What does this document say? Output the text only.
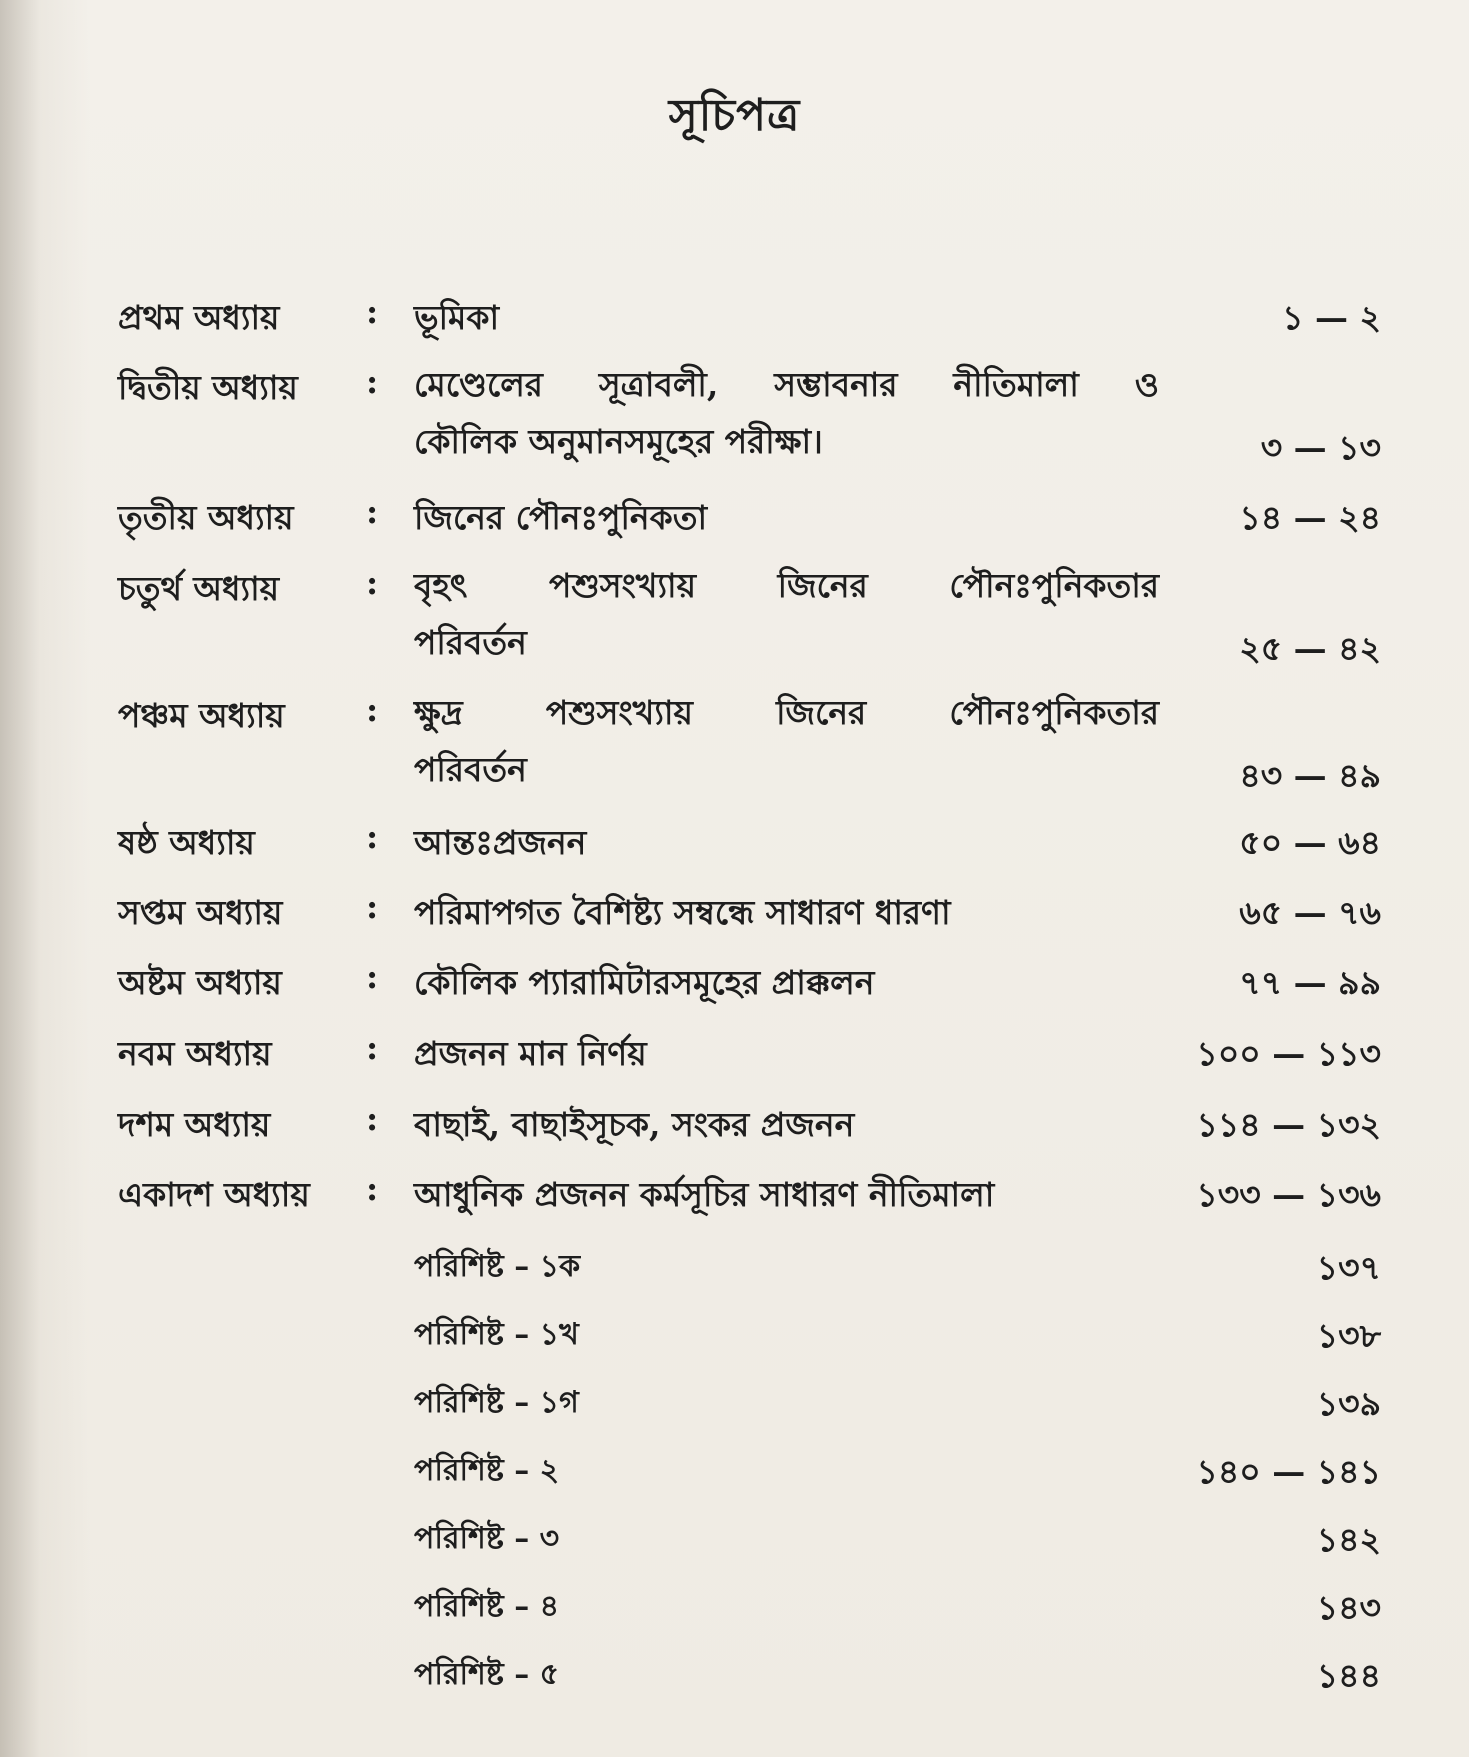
সূচিপত্র
প্রথম অধ্যায়	: ভূমিকা	১ — ২
দ্বিতীয় অধ্যায় : মেণ্ডেলের সূত্রাবলী, সম্ভাবনার নীতিমালা ও
কৌলিক অনুমানসমূহের পরীক্ষা।	৩ — ১৩
তৃতীয় অধ্যায় : জিনের পৌনঃপুনিকতা	১৪ — ২৪
চতুর্থ অধ্যায়	: বৃহৎ পশুসংখ্যায় জিনের পৌনঃপুনিকতার
পরিবর্তন	২৫ — ৪২
পঞ্চম অধ্যায় : ক্ষুদ্র পশুসংখ্যায় জিনের পৌনঃপুনিকতার
পরিবর্তন	৪৩ — ৪৯
ষষ্ঠ অধ্যায়	: আন্তঃপ্রজনন	৫০ — ৬৪
সপ্তম অধ্যায়	: পরিমাপগত বৈশিষ্ট্য সম্বন্ধে সাধারণ ধারণা	৬৫ — ৭৬
অষ্টম অধ্যায়	: কৌলিক প্যারামিটারসমূহের প্রাক্কলন	৭৭ — ৯৯
নবম অধ্যায়	: প্রজনন মান নির্ণয়	১০০ — ১১৩
দশম অধ্যায়	: বাছাই, বাছাইসূচক, সংকর প্রজনন	১১৪ — ১৩২
একাদশ অধ্যায় : আধুনিক প্রজনন কর্মসূচির সাধারণ নীতিমালা	১৩৩ — ১৩৬
পরিশিষ্ট – ১ক	১৩৭
পরিশিষ্ট – ১খ	১৩৮
পরিশিষ্ট – ১গ	১৩৯
পরিশিষ্ট – ২	১৪০ — ১৪১
পরিশিষ্ট – ৩	১৪২
পরিশিষ্ট – ৪	১৪৩
পরিশিষ্ট – ৫	১৪৪
